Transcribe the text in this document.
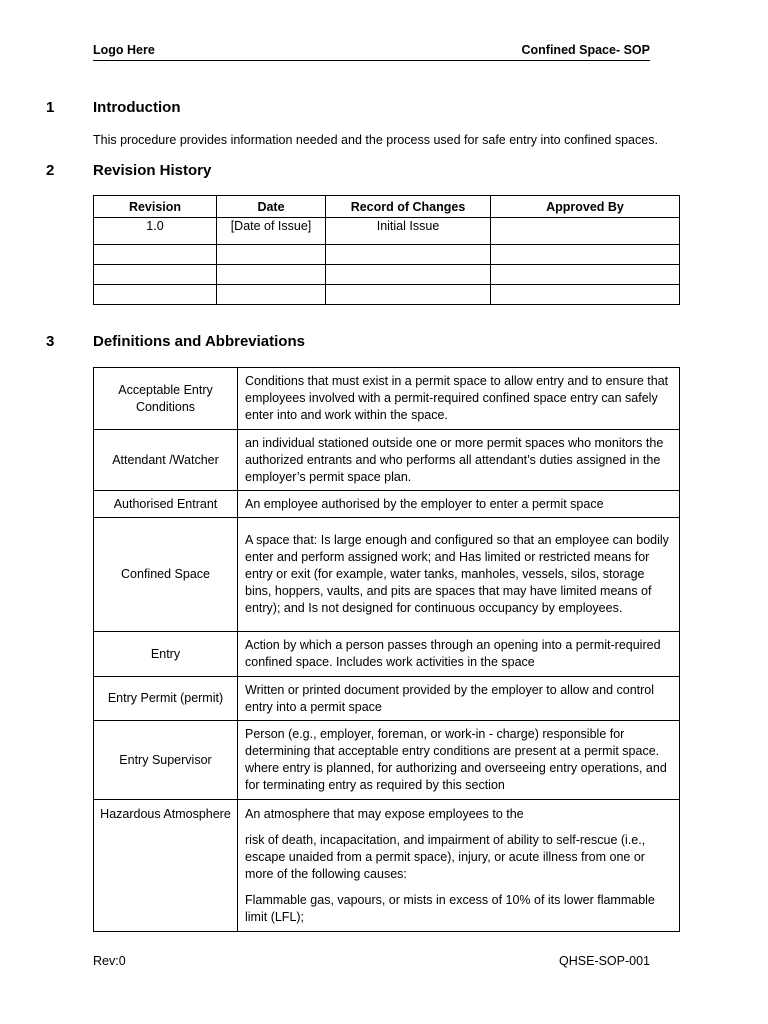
Logo Here	Confined Space- SOP
1	Introduction
This procedure provides information needed and the process used for safe entry into confined spaces.
2	Revision History
Revision	Date	Record of Changes	Approved By
1.0	[Date of Issue]	Initial Issue	

3	Definitions and Abbreviations
Acceptable Entry Conditions	Conditions that must exist in a permit space to allow entry and to ensure that employees involved with a permit-required confined space entry can safely enter into and work within the space.
Attendant /Watcher	an individual stationed outside one or more permit spaces who monitors the authorized entrants and who performs all attendant’s duties assigned in the employer’s permit space plan.
Authorised Entrant	An employee authorised by the employer to enter a permit space
Confined Space	A space that: Is large enough and configured so that an employee can bodily enter and perform assigned work; and Has limited or restricted means for entry or exit (for example, water tanks, manholes, vessels, silos, storage bins, hoppers, vaults, and pits are spaces that may have limited means of entry); and Is not designed for continuous occupancy by employees.
Entry	Action by which a person passes through an opening into a permit-required confined space. Includes work activities in the space
Entry Permit (permit)	Written or printed document provided by the employer to allow and control entry into a permit space
Entry Supervisor	Person (e.g., employer, foreman, or work-in - charge) responsible for determining that acceptable entry conditions are present at a permit space. where entry is planned, for authorizing and overseeing entry operations, and for terminating entry as required by this section
Hazardous Atmosphere	An atmosphere that may expose employees to the
risk of death, incapacitation, and impairment of ability to self-rescue (i.e., escape unaided from a permit space), injury, or acute illness from one or more of the following causes:
Flammable gas, vapours, or mists in excess of 10% of its lower flammable limit (LFL);
Rev:0	QHSE-SOP-001
